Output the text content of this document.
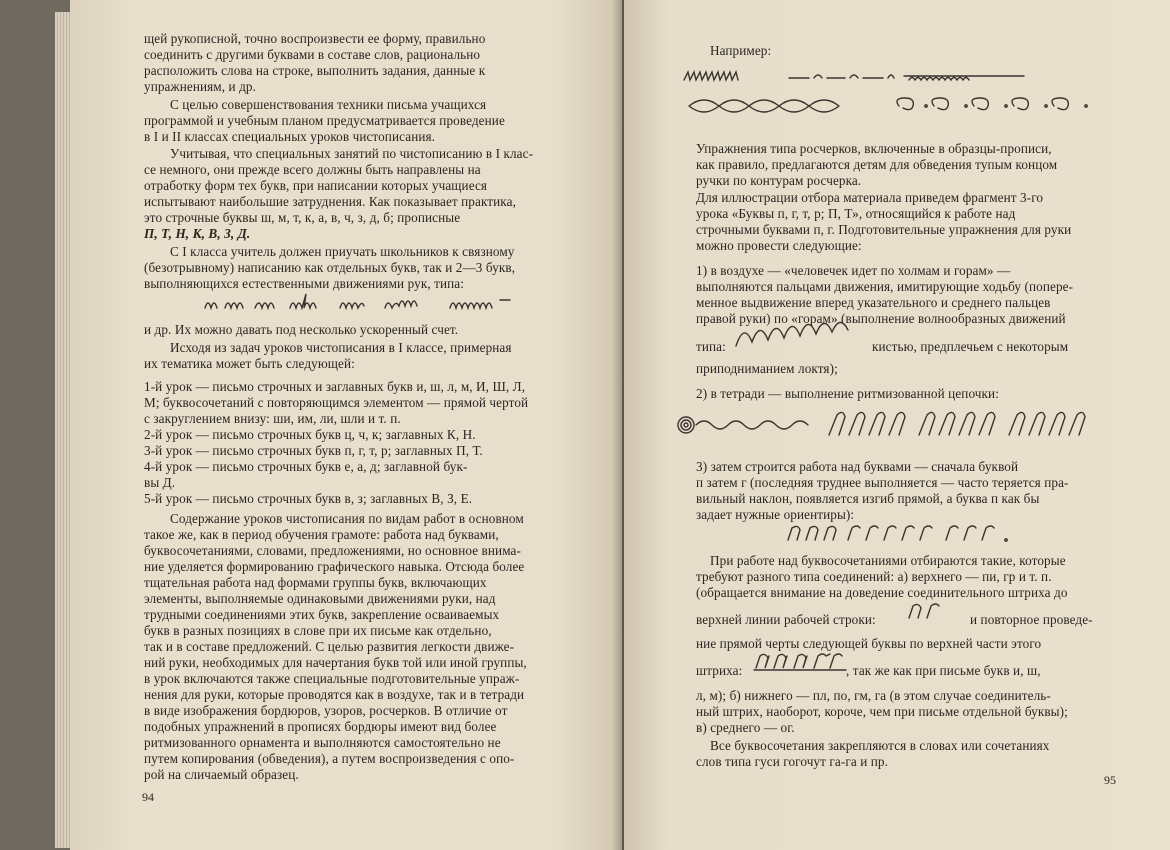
щей рукописной, точно воспроизвести ее форму, правильно
соединить с другими буквами в составе слов, рационально
расположить слова на строке, выполнить задания, данные к
упражнениям, и др.
С целью совершенствования техники письма учащихся
программой и учебным планом предусматривается проведение
в I и II классах специальных уроков чистописания.
Учитывая, что специальных занятий по чистописанию в I клас-
се немного, они прежде всего должны быть направлены на
отработку форм тех букв, при написании которых учащиеся
испытывают наибольшие затруднения. Как показывает практика,
это строчные буквы ш, м, т, к, а, в, ч, з, д, б; прописные
П, Т, Н, К, В, З, Д.
С I класса учитель должен приучать школьников к связному
(безотрывному) написанию как отдельных букв, так и 2—3 букв,
выполняющихся естественными движениями рук, типа:
и др. Их можно давать под несколько ускоренный счет.
Исходя из задач уроков чистописания в I классе, примерная
их тематика может быть следующей:
1-й урок — письмо строчных и заглавных букв и, ш, л, м, И, Ш, Л,
М; буквосочетаний с повторяющимся элементом — прямой чертой
с закруглением внизу: ши, им, ли, шли и т. п.
2-й урок — письмо строчных букв ц, ч, к; заглавных К, Н.
3-й урок — письмо строчных букв п, г, т, р; заглавных П, Т.
4-й урок — письмо строчных букв е, а, д; заглавной бук-
вы Д.
5-й урок — письмо строчных букв в, з; заглавных В, З, Е.
Содержание уроков чистописания по видам работ в основном
такое же, как в период обучения грамоте: работа над буквами,
буквосочетаниями, словами, предложениями, но основное внима-
ние уделяется формированию графического навыка. Отсюда более
тщательная работа над формами группы букв, включающих
элементы, выполняемые одинаковыми движениями руки, над
трудными соединениями этих букв, закрепление осваиваемых
букв в разных позициях в слове при их письме как отдельно,
так и в составе предложений. С целью развития легкости движе-
ний руки, необходимых для начертания букв той или иной группы,
в урок включаются также специальные подготовительные упраж-
нения для руки, которые проводятся как в воздухе, так и в тетради
в виде изображения бордюров, узоров, росчерков. В отличие от
подобных упражнений в прописях бордюры имеют вид более
ритмизованного орнамента и выполняются самостоятельно не
путем копирования (обведения), а путем воспроизведения с опо-
рой на сличаемый образец.
94
Например:
Упражнения типа росчерков, включенные в образцы-прописи,
как правило, предлагаются детям для обведения тупым концом
ручки по контурам росчерка.
Для иллюстрации отбора материала приведем фрагмент 3-го
урока «Буквы п, г, т, р; П, Т», относящийся к работе над
строчными буквами п, г. Подготовительные упражнения для руки
можно провести следующие:
1) в воздухе — «человечек идет по холмам и горам» —
выполняются пальцами движения, имитирующие ходьбу (попере-
менное выдвижение вперед указательного и среднего пальцев
правой руки) по «горам» (выполнение волнообразных движений
типа:	кистью, предплечьем с некоторым
приподниманием локтя);
2) в тетради — выполнение ритмизованной цепочки:
3) затем строится работа над буквами — сначала буквой
п затем г (последняя труднее выполняется — часто теряется пра-
вильный наклон, появляется изгиб прямой, а буква п как бы
задает нужные ориентиры):
При работе над буквосочетаниями отбираются такие, которые
требуют разного типа соединений: а) верхнего — пи, гр и т. п.
(обращается внимание на доведение соединительного штриха до
верхней линии рабочей строки:	и повторное проведе-
ние прямой черты следующей буквы по верхней части этого
штриха:	, так же как при письме букв и, ш,
л, м); б) нижнего — пл, по, гм, га (в этом случае соединитель-
ный штрих, наоборот, короче, чем при письме отдельной буквы);
в) среднего — ог.
Все буквосочетания закрепляются в словах или сочетаниях
слов типа гуси гогочут га-га и пр.
95
